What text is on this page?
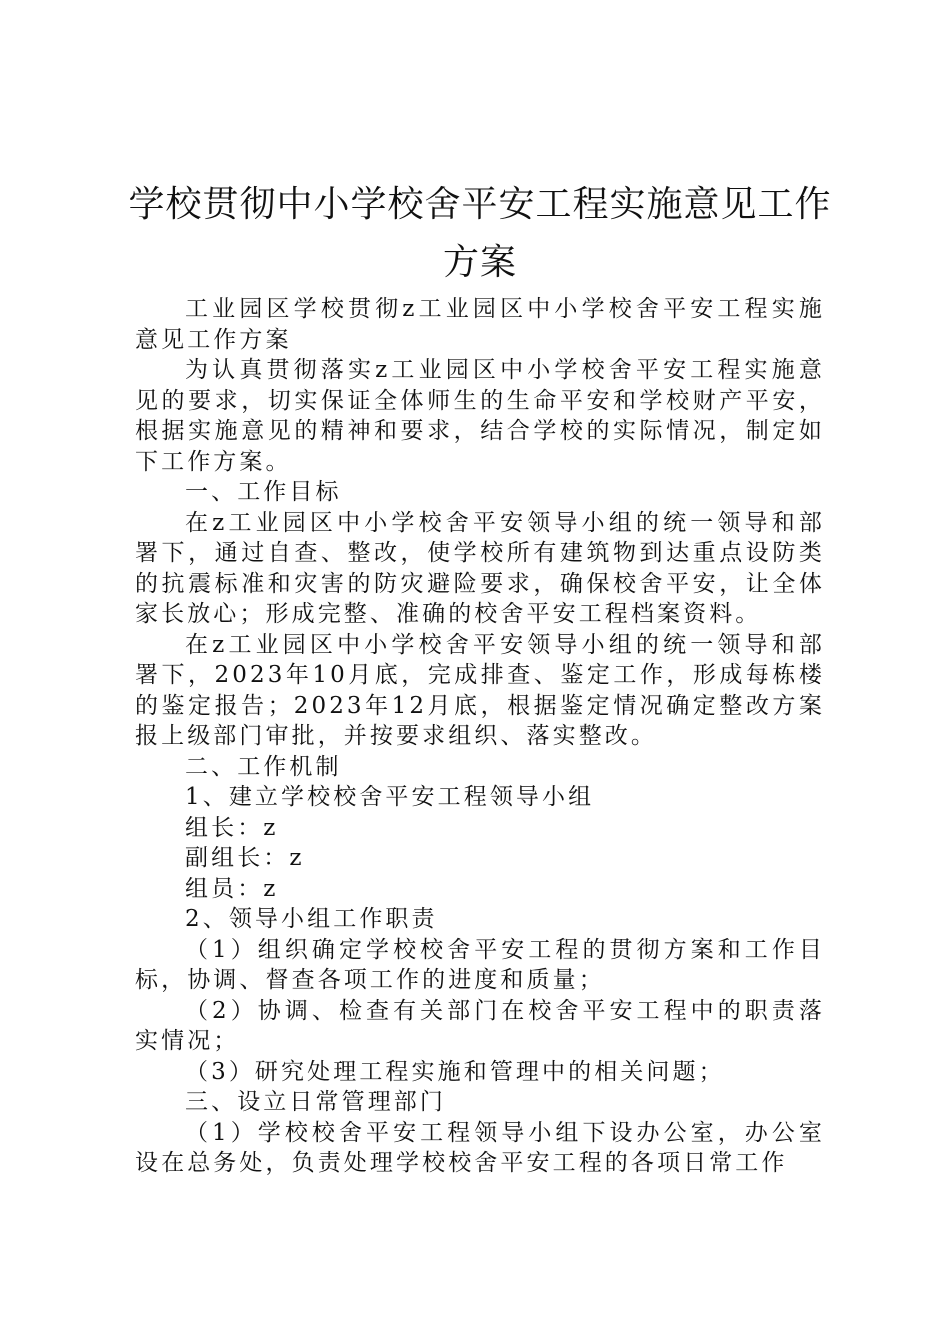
学校贯彻中小学校舍平安工程实施意见工作
方案

工业园区学校贯彻z工业园区中小学校舍平安工程实施意见工作方案

为认真贯彻落实z工业园区中小学校舍平安工程实施意见的要求，切实保证全体师生的生命平安和学校财产平安，根据实施意见的精神和要求，结合学校的实际情况，制定如下工作方案。

一、工作目标

在z工业园区中小学校舍平安领导小组的统一领导和部署下，通过自查、整改，使学校所有建筑物到达重点设防类的抗震标准和灾害的防灾避险要求，确保校舍平安，让全体家长放心；形成完整、准确的校舍平安工程档案资料。

在z工业园区中小学校舍平安领导小组的统一领导和部署下，2023年10月底，完成排查、鉴定工作，形成每栋楼的鉴定报告；2023年12月底，根据鉴定情况确定整改方案报上级部门审批，并按要求组织、落实整改。

二、工作机制

1、建立学校校舍平安工程领导小组

组长：z

副组长：z

组员：z

2、领导小组工作职责

（1）组织确定学校校舍平安工程的贯彻方案和工作目标，协调、督查各项工作的进度和质量；

（2）协调、检查有关部门在校舍平安工程中的职责落实情况；

（3）研究处理工程实施和管理中的相关问题；

三、设立日常管理部门

（1）学校校舍平安工程领导小组下设办公室，办公室设在总务处，负责处理学校校舍平安工程的各项日常工作
